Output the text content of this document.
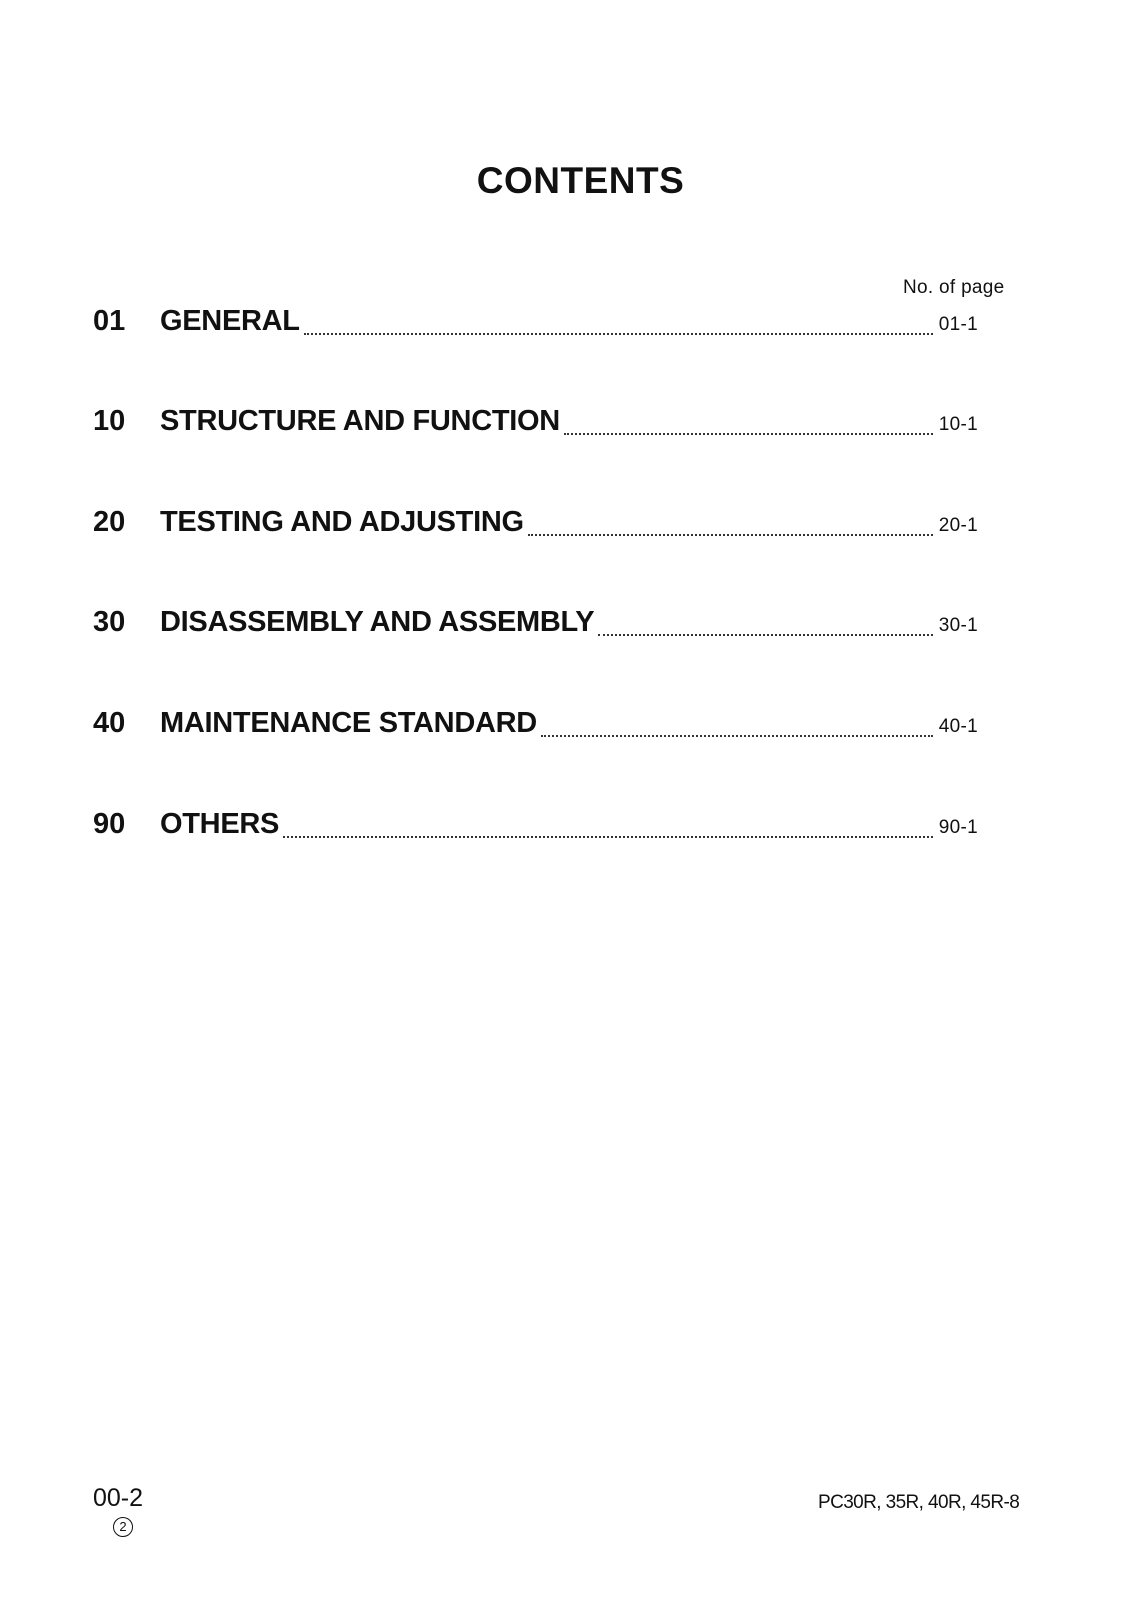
CONTENTS
No. of page
01	GENERAL	01-1
10	STRUCTURE AND FUNCTION	10-1
20	TESTING AND ADJUSTING	20-1
30	DISASSEMBLY AND ASSEMBLY	30-1
40	MAINTENANCE STANDARD	40-1
90	OTHERS	90-1
00-2
2
PC30R, 35R, 40R, 45R-8
